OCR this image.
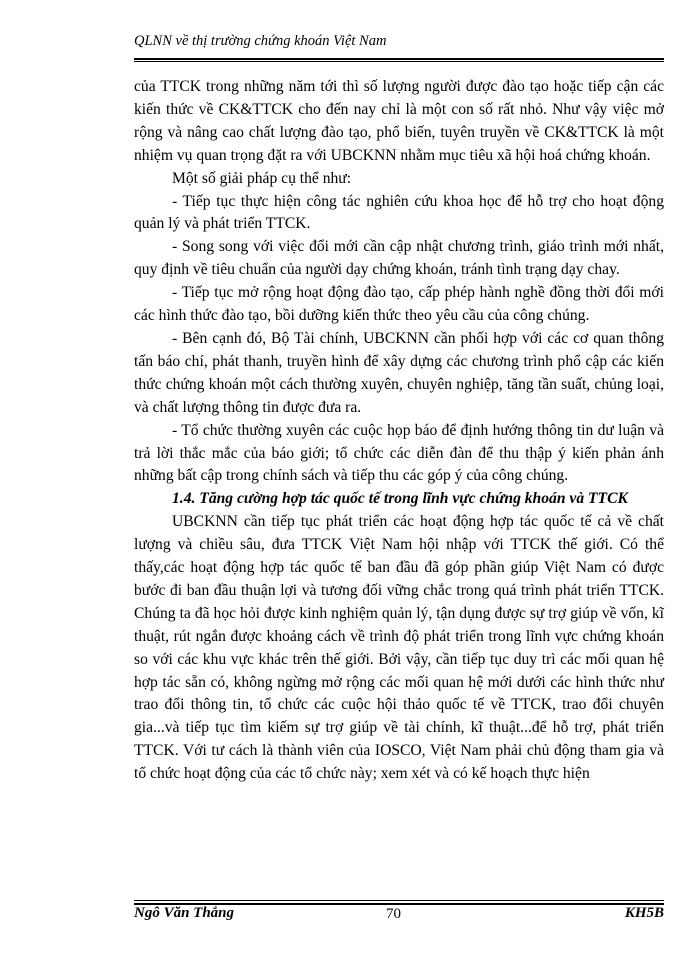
QLNN về thị trường chứng khoán Việt Nam

của TTCK trong những năm tới thì số lượng người được đào tạo hoặc tiếp cận các kiến thức về CK&TTCK cho đến nay chỉ là một con số rất nhỏ. Như vậy việc mở rộng và nâng cao chất lượng đào tạo, phổ biến, tuyên truyền về CK&TTCK là một nhiệm vụ quan trọng đặt ra với UBCKNN nhằm mục tiêu xã hội hoá chứng khoán.

Một số giải pháp cụ thể như:

- Tiếp tục thực hiện công tác nghiên cứu khoa học để hỗ trợ cho hoạt động quản lý và phát triển TTCK.

- Song song với việc đổi mới cần cập nhật chương trình, giáo trình mới nhất, quy định về tiêu chuẩn của người dạy chứng khoán, tránh tình trạng dạy chay.

- Tiếp tục mở rộng hoạt động đào tạo, cấp phép hành nghề đồng thời đổi mới các hình thức đào tạo, bồi dưỡng kiến thức theo yêu cầu của công chúng.

- Bên cạnh đó, Bộ Tài chính, UBCKNN cần phối hợp với các cơ quan thông tấn báo chí, phát thanh, truyền hình để xây dựng các chương trình phổ cập các kiến thức chứng khoán một cách thường xuyên, chuyên nghiệp, tăng tần suất, chủng loại, và chất lượng thông tin được đưa ra.

- Tổ chức thường xuyên các cuộc họp báo để định hướng thông tin dư luận và trả lời thắc mắc của báo giới; tổ chức các diễn đàn để thu thập ý kiến phản ánh những bất cập trong chính sách và tiếp thu các góp ý của công chúng.

1.4. Tăng cường hợp tác quốc tế trong lĩnh vực chứng khoán và TTCK

UBCKNN cần tiếp tục phát triển các hoạt động hợp tác quốc tế cả về chất lượng và chiều sâu, đưa TTCK Việt Nam hội nhập với TTCK thế giới. Có thể thấy,các hoạt động hợp tác quốc tế ban đầu đã góp phần giúp Việt Nam có được bước đi ban đầu thuận lợi và tương đối vững chắc trong quá trình phát triển TTCK. Chúng ta đã học hỏi được kinh nghiệm quản lý, tận dụng được sự trợ giúp về vốn, kĩ thuật, rút ngắn được khoảng cách về trình độ phát triển trong lĩnh vực chứng khoán so với các khu vực khác trên thế giới. Bởi vậy, cần tiếp tục duy trì các mối quan hệ hợp tác sẵn có, không ngừng mở rộng các mối quan hệ mới dưới các hình thức như trao đổi thông tin, tổ chức các cuộc hội thảo quốc tế về TTCK, trao đổi chuyên gia...và tiếp tục tìm kiếm sự trợ giúp về tài chính, kĩ thuật...để hỗ trợ, phát triển TTCK. Với tư cách là thành viên của IOSCO, Việt Nam phải chủ động tham gia và tổ chức hoạt động của các tổ chức này; xem xét và có kế hoạch thực hiện

Ngô Văn Thắng	70	KH5B
